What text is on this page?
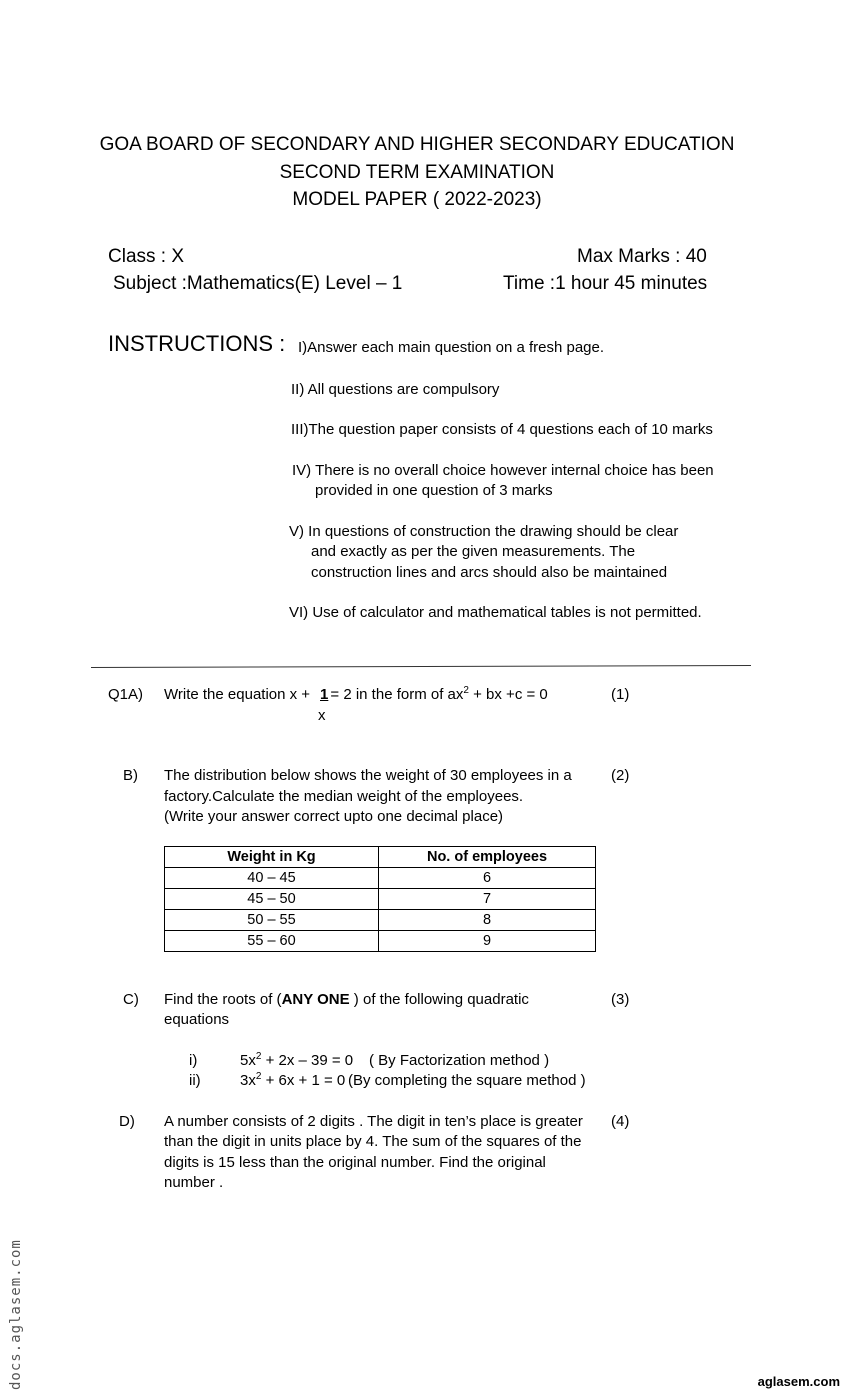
GOA BOARD OF SECONDARY AND HIGHER SECONDARY EDUCATION
SECOND TERM EXAMINATION
MODEL PAPER ( 2022-2023)
Class : X	Max Marks : 40
Subject :Mathematics(E) Level – 1	Time :1 hour 45 minutes
INSTRUCTIONS : I)Answer each main question on a fresh page.
II) All questions are compulsory
III)The question paper consists of 4 questions each of 10 marks
IV) There is no overall choice however internal choice has been
provided in one question of 3 marks
V) In questions of construction the drawing should be clear
and exactly as per the given measurements. The
construction lines and arcs should also be maintained
VI) Use of calculator and mathematical tables is not permitted.
Q1A) Write the equation x +  = 2 in the form of $ax^2$ + bx +c = 0
1
x
(1)
B) The distribution below shows the weight of 30 employees in a
factory.Calculate the median weight of the employees.
(Write your answer correct upto one decimal place)
(2)
Weight in Kg	No. of employees
40 – 45	6
45 – 50	7
50 – 55	8
55 – 60	9
C) Find the roots of (ANY ONE ) of the following quadratic
equations
(3)
i)	$5x^2 + 2x - 39 = 0$ ( By Factorization method )
ii)	$3x^2 + 6x + 1 = 0$ (By completing the square method )
D) A number consists of 2 digits . The digit in ten’s place is greater
than the digit in units place by 4. The sum of the squares of the
digits is 15 less than the original number. Find the original
number .
(4)
docs.aglasem.com	aglasem.com
